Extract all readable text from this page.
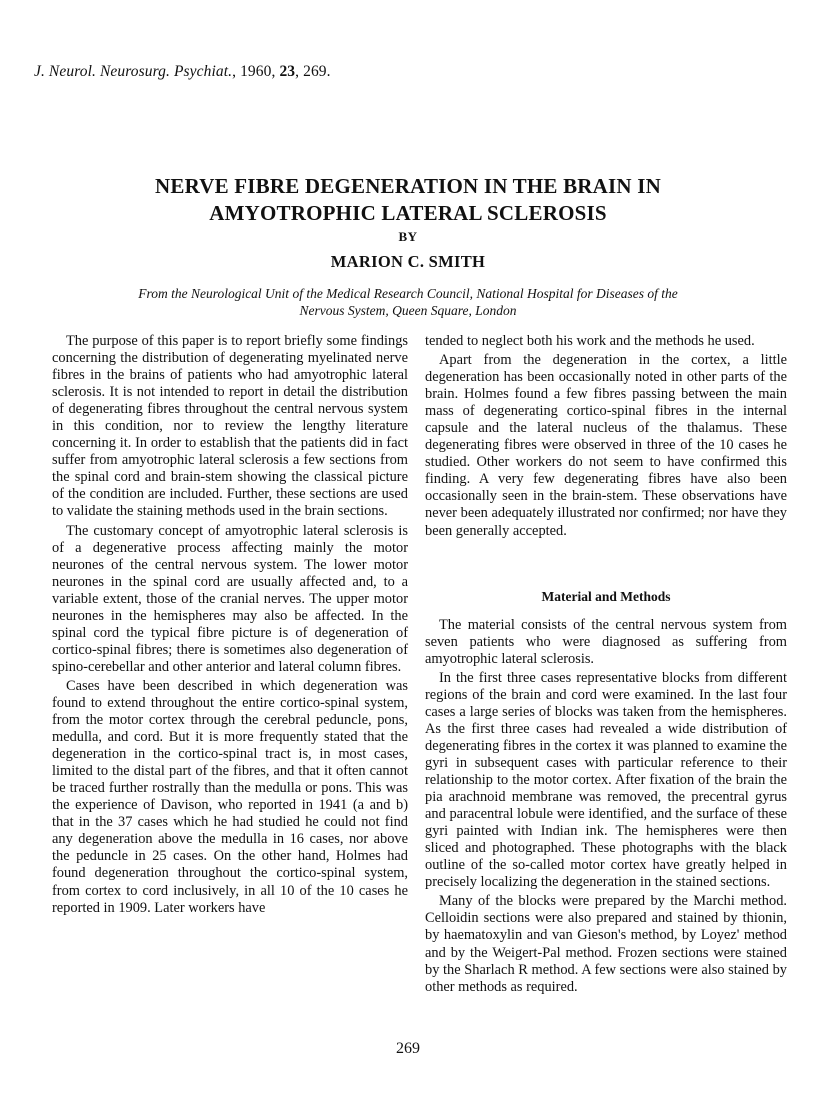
J. Neurol. Neurosurg. Psychiat., 1960, 23, 269.
NERVE FIBRE DEGENERATION IN THE BRAIN IN
AMYOTROPHIC LATERAL SCLEROSIS
BY
MARION C. SMITH
From the Neurological Unit of the Medical Research Council, National Hospital for Diseases of the
Nervous System, Queen Square, London

The purpose of this paper is to report briefly some findings concerning the distribution of degenerating myelinated nerve fibres in the brains of patients who had amyotrophic lateral sclerosis. It is not intended to report in detail the distribution of degenerating fibres throughout the central nervous system in this condition, nor to review the lengthy literature concerning it. In order to establish that the patients did in fact suffer from amyotrophic lateral sclerosis a few sections from the spinal cord and brain-stem showing the classical picture of the condition are included. Further, these sections are used to validate the staining methods used in the brain sections.

The customary concept of amyotrophic lateral sclerosis is of a degenerative process affecting mainly the motor neurones of the central nervous system. The lower motor neurones in the spinal cord are usually affected and, to a variable extent, those of the cranial nerves. The upper motor neurones in the hemispheres may also be affected. In the spinal cord the typical fibre picture is of degeneration of cortico-spinal fibres; there is sometimes also degeneration of spino-cerebellar and other anterior and lateral column fibres.

Cases have been described in which degeneration was found to extend throughout the entire cortico-spinal system, from the motor cortex through the cerebral peduncle, pons, medulla, and cord. But it is more frequently stated that the degeneration in the cortico-spinal tract is, in most cases, limited to the distal part of the fibres, and that it often cannot be traced further rostrally than the medulla or pons. This was the experience of Davison, who reported in 1941 (a and b) that in the 37 cases which he had studied he could not find any degeneration above the medulla in 16 cases, nor above the peduncle in 25 cases. On the other hand, Holmes had found degeneration throughout the cortico-spinal system, from cortex to cord inclusively, in all 10 of the 10 cases he reported in 1909. Later workers have

tended to neglect both his work and the methods he used.

Apart from the degeneration in the cortex, a little degeneration has been occasionally noted in other parts of the brain. Holmes found a few fibres passing between the main mass of degenerating cortico-spinal fibres in the internal capsule and the lateral nucleus of the thalamus. These degenerating fibres were observed in three of the 10 cases he studied. Other workers do not seem to have confirmed this finding. A very few degenerating fibres have also been occasionally seen in the brain-stem. These observations have never been adequately illustrated nor confirmed; nor have they been generally accepted.

Material and Methods

The material consists of the central nervous system from seven patients who were diagnosed as suffering from amyotrophic lateral sclerosis.

In the first three cases representative blocks from different regions of the brain and cord were examined. In the last four cases a large series of blocks was taken from the hemispheres. As the first three cases had revealed a wide distribution of degenerating fibres in the cortex it was planned to examine the gyri in subsequent cases with particular reference to their relationship to the motor cortex. After fixation of the brain the pia arachnoid membrane was removed, the precentral gyrus and paracentral lobule were identified, and the surface of these gyri painted with Indian ink. The hemispheres were then sliced and photographed. These photographs with the black outline of the so-called motor cortex have greatly helped in precisely localizing the degeneration in the stained sections.

Many of the blocks were prepared by the Marchi method. Celloidin sections were also prepared and stained by thionin, by haematoxylin and van Gieson's method, by Loyez' method and by the Weigert-Pal method. Frozen sections were stained by the Sharlach R method. A few sections were also stained by other methods as required.

269
